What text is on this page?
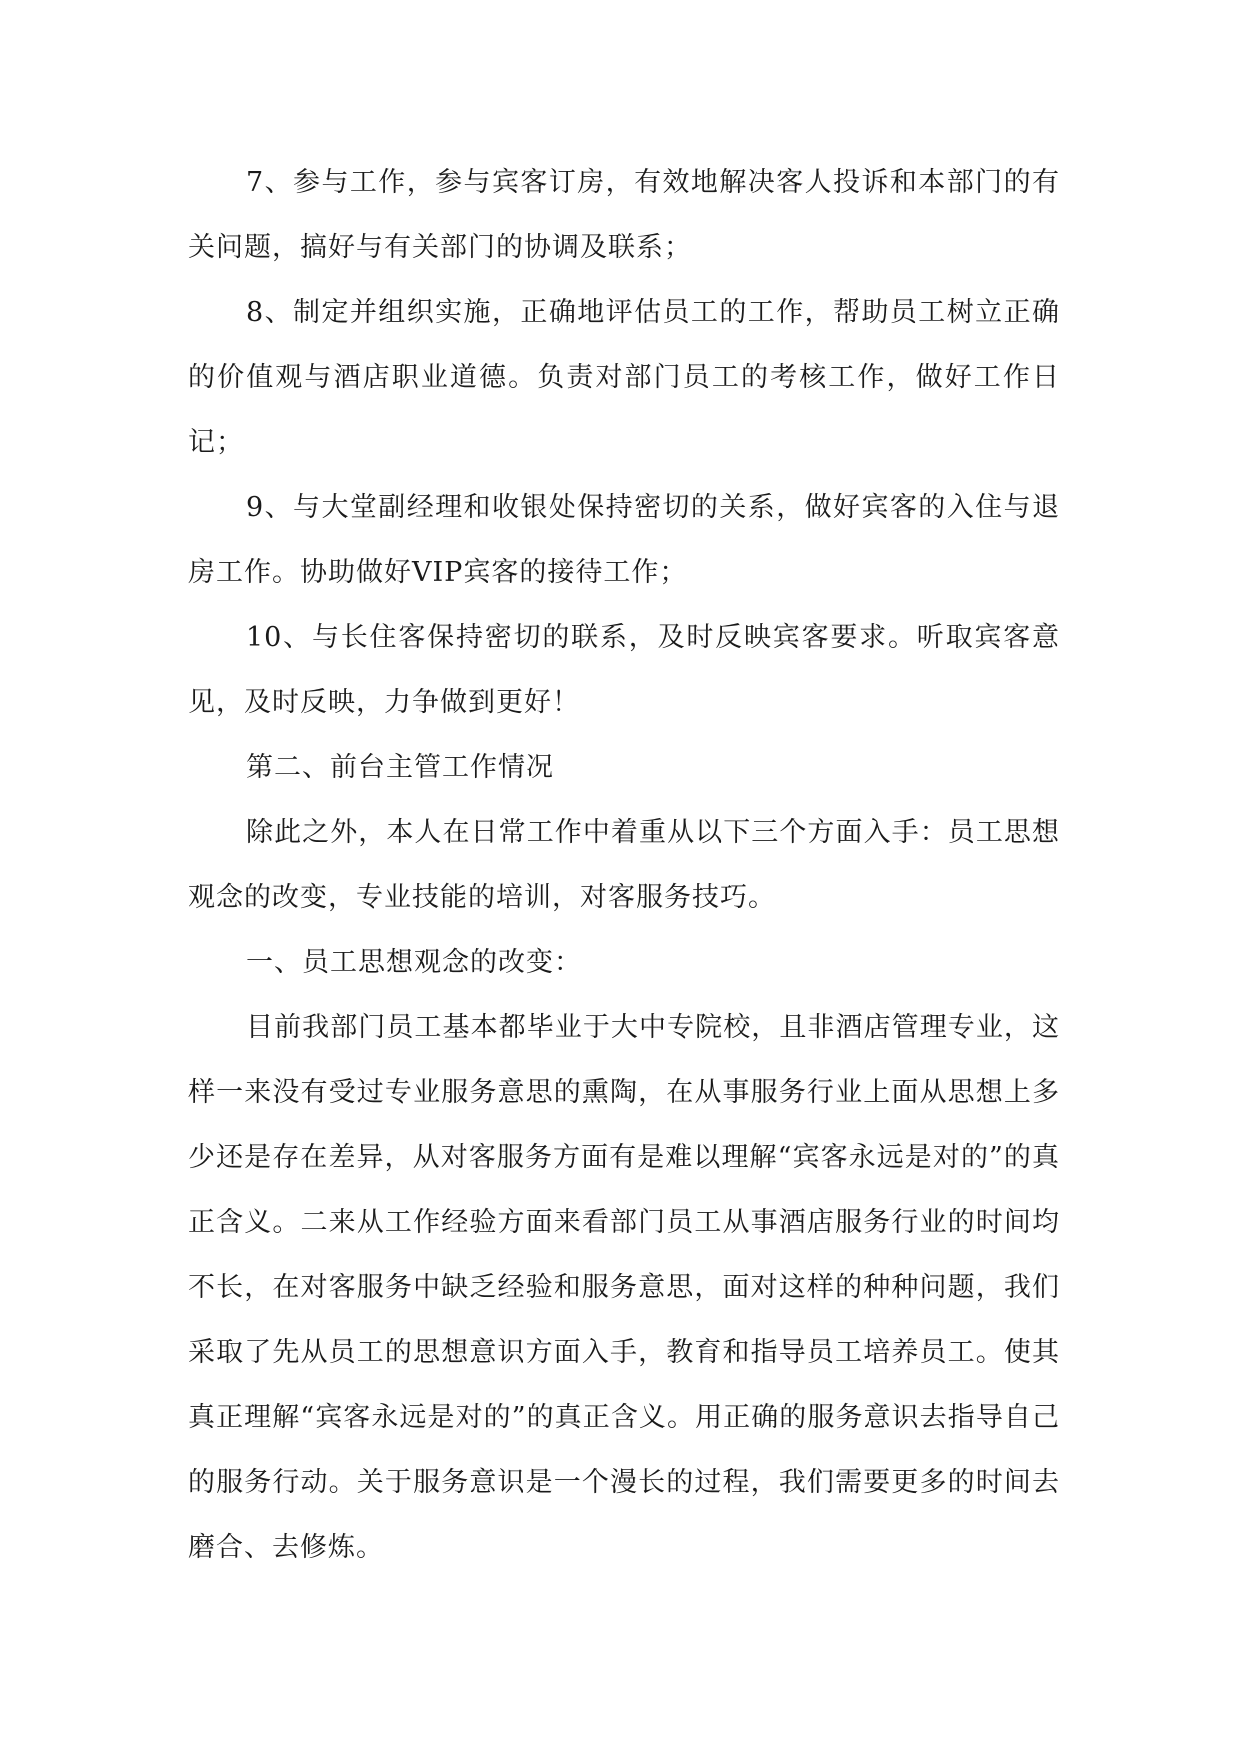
7、参与工作，参与宾客订房，有效地解决客人投诉和本部门的有关问题，搞好与有关部门的协调及联系；

8、制定并组织实施，正确地评估员工的工作，帮助员工树立正确的价值观与酒店职业道德。负责对部门员工的考核工作，做好工作日记；

9、与大堂副经理和收银处保持密切的关系，做好宾客的入住与退房工作。协助做好VIP宾客的接待工作；

10、与长住客保持密切的联系，及时反映宾客要求。听取宾客意见，及时反映，力争做到更好！

第二、前台主管工作情况

除此之外，本人在日常工作中着重从以下三个方面入手：员工思想观念的改变，专业技能的培训，对客服务技巧。

一、员工思想观念的改变：

目前我部门员工基本都毕业于大中专院校，且非酒店管理专业，这样一来没有受过专业服务意思的熏陶，在从事服务行业上面从思想上多少还是存在差异，从对客服务方面有是难以理解“宾客永远是对的”的真正含义。二来从工作经验方面来看部门员工从事酒店服务行业的时间均不长，在对客服务中缺乏经验和服务意思，面对这样的种种问题，我们采取了先从员工的思想意识方面入手，教育和指导员工培养员工。使其真正理解“宾客永远是对的”的真正含义。用正确的服务意识去指导自己的服务行动。关于服务意识是一个漫长的过程，我们需要更多的时间去磨合、去修炼。
